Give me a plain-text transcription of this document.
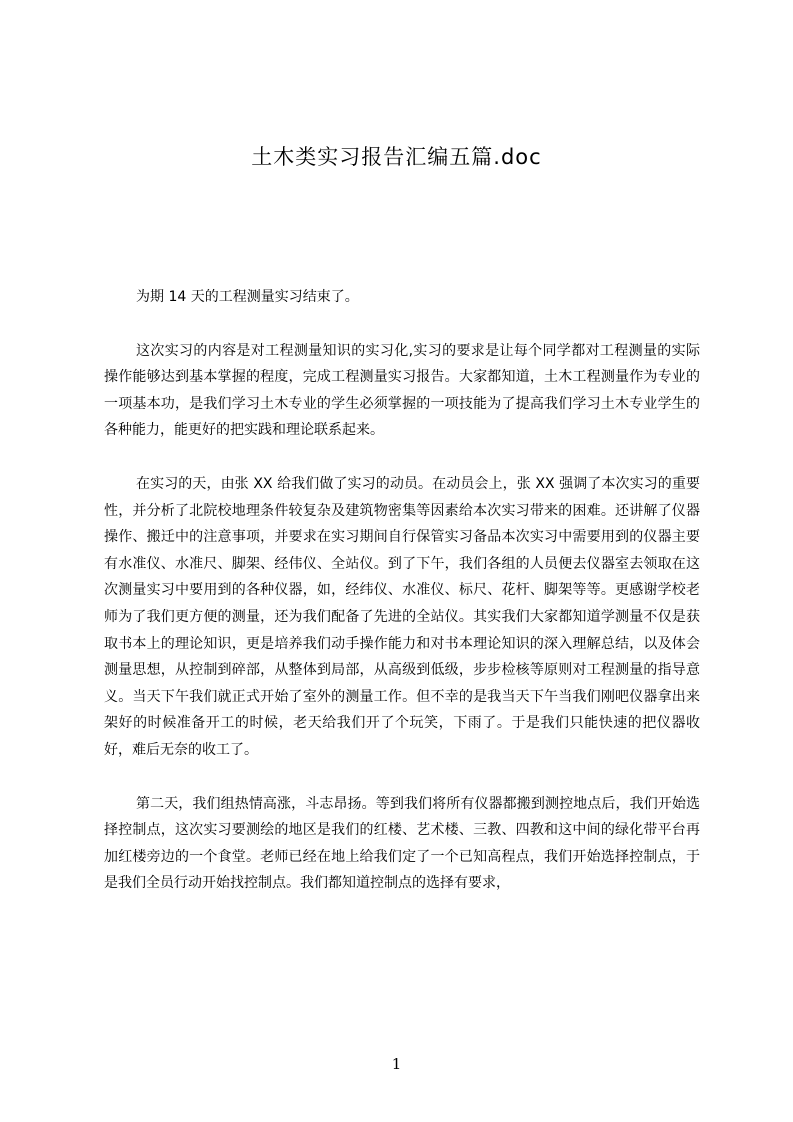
土木类实习报告汇编五篇.doc

为期 14 天的工程测量实习结束了。

这次实习的内容是对工程测量知识的实习化,实习的要求是让每个同学都对工程测量的实际操作能够达到基本掌握的程度，完成工程测量实习报告。大家都知道，土木工程测量作为专业的一项基本功，是我们学习土木专业的学生必须掌握的一项技能为了提高我们学习土木专业学生的各种能力，能更好的把实践和理论联系起来。

在实习的天，由张 XX 给我们做了实习的动员。在动员会上，张 XX 强调了本次实习的重要性，并分析了北院校地理条件较复杂及建筑物密集等因素给本次实习带来的困难。还讲解了仪器操作、搬迁中的注意事项，并要求在实习期间自行保管实习备品本次实习中需要用到的仪器主要有水准仪、水准尺、脚架、经伟仪、全站仪。到了下午，我们各组的人员便去仪器室去领取在这次测量实习中要用到的各种仪器，如，经纬仪、水准仪、标尺、花杆、脚架等等。更感谢学校老师为了我们更方便的测量，还为我们配备了先进的全站仪。其实我们大家都知道学测量不仅是获取书本上的理论知识，更是培养我们动手操作能力和对书本理论知识的深入理解总结，以及体会测量思想，从控制到碎部，从整体到局部，从高级到低级，步步检核等原则对工程测量的指导意义。当天下午我们就正式开始了室外的测量工作。但不幸的是我当天下午当我们刚吧仪器拿出来架好的时候准备开工的时候，老天给我们开了个玩笑，下雨了。于是我们只能快速的把仪器收好，难后无奈的收工了。

第二天，我们组热情高涨，斗志昂扬。等到我们将所有仪器都搬到测控地点后，我们开始选择控制点，这次实习要测绘的地区是我们的红楼、艺术楼、三教、四教和这中间的绿化带平台再加红楼旁边的一个食堂。老师已经在地上给我们定了一个已知高程点，我们开始选择控制点，于是我们全员行动开始找控制点。我们都知道控制点的选择有要求，

1
